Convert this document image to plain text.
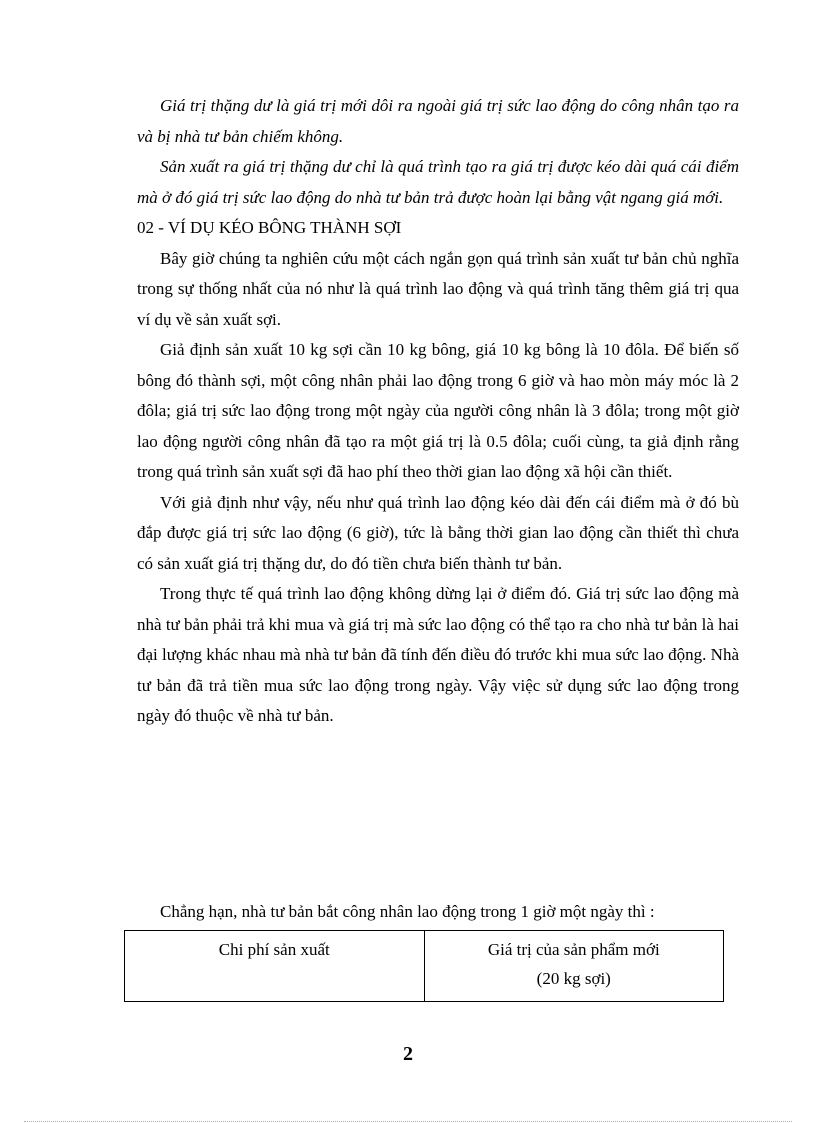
Giá trị thặng dư là giá trị mới dôi ra ngoài giá trị sức lao động do công nhân tạo ra và bị nhà tư bản chiếm không.

Sản xuất ra giá trị thặng dư chỉ là quá trình tạo ra giá trị được kéo dài quá cái điểm mà ở đó giá trị sức lao động do nhà tư bản trả được hoàn lại bằng vật ngang giá mới.

02 - VÍ DỤ KÉO BÔNG THÀNH SỢI

Bây giờ chúng ta nghiên cứu một cách ngắn gọn quá trình sản xuất tư bản chủ nghĩa trong sự thống nhất của nó như là quá trình lao động và quá trình tăng thêm giá trị qua ví dụ về sản xuất sợi.

Giả định sản xuất 10 kg sợi cần 10 kg bông, giá 10 kg bông là 10 đôla. Để biến số bông đó thành sợi, một công nhân phải lao động trong 6 giờ và hao mòn máy móc là 2 đôla; giá trị sức lao động trong một ngày của người công nhân là 3 đôla; trong một giờ lao động người công nhân đã tạo ra một giá trị là 0.5 đôla; cuối cùng, ta giả định rằng trong quá trình sản xuất sợi đã hao phí theo thời gian lao động xã hội cần thiết.

Với giả định như vậy, nếu như quá trình lao động kéo dài đến cái điểm mà ở đó bù đắp được giá trị sức lao động (6 giờ), tức là bằng thời gian lao động cần thiết thì chưa có sản xuất giá trị thặng dư, do đó tiền chưa biến thành tư bản.

Trong thực tế quá trình lao động không dừng lại ở điểm đó. Giá trị sức lao động mà nhà tư bản phải trả khi mua và giá trị mà sức lao động có thể tạo ra cho nhà tư bản là hai đại lượng khác nhau mà nhà tư bản đã tính đến điều đó trước khi mua sức lao động. Nhà tư bản đã trả tiền mua sức lao động trong ngày. Vậy việc sử dụng sức lao động trong ngày đó thuộc về nhà tư bản.

Chẳng hạn, nhà tư bản bắt công nhân lao động trong 1 giờ một ngày thì :

Chi phí sản xuất	Giá trị của sản phẩm mới
(20 kg sợi)
2
